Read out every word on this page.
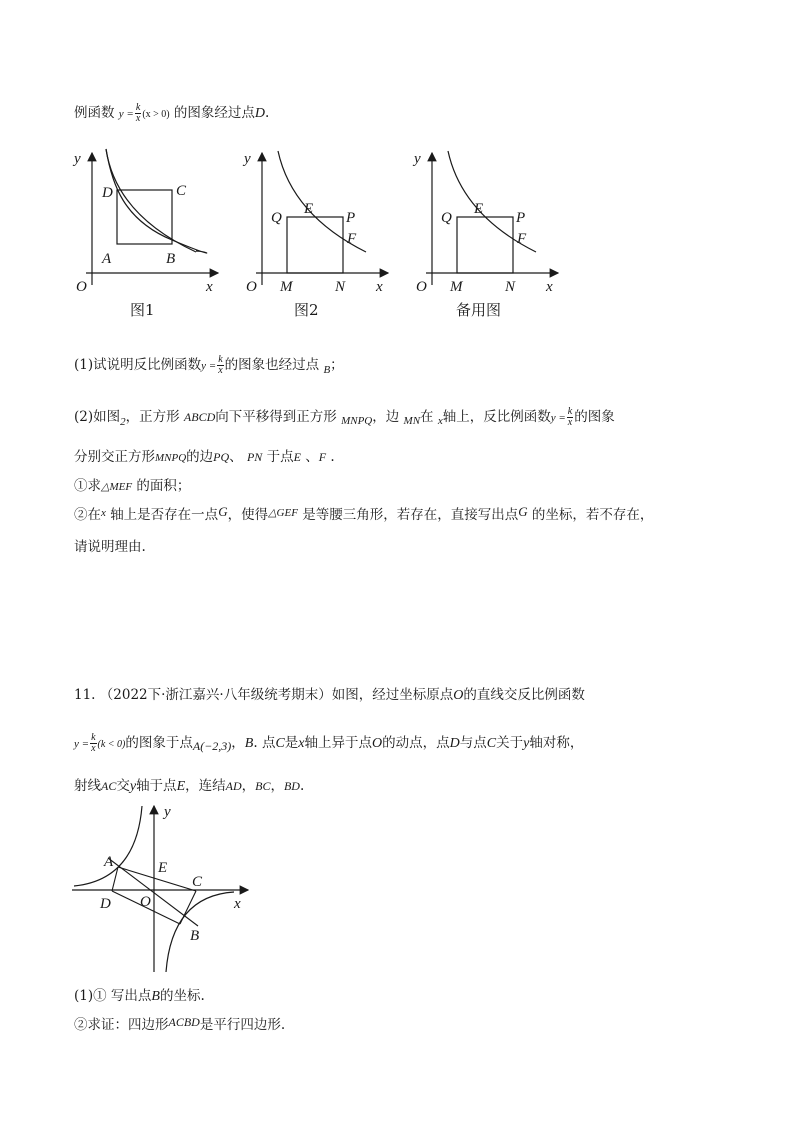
例函数 $y = \frac{k}{x} (x > 0)$ 的图象经过点D.
y
x
O
A	B
C
D
图1
y
x
O M	N
P
Q
E
F
图2
y
x
O M	N
P
Q
E
F
备用图
(1)试说明反比例函数$y = \frac{k}{x}$ 的图象也经过点 $_B$；
(2)如图$_2$，正方形 ABCD向下平移得到正方形 $_{MNPQ}$，边 $_{MN}$在 $_x$轴上，反比例函数$y = \frac{k}{x}$ 的图象
分别交正方形MNPQ的边PQ、 PN 于点E 、F .
①求△MEF 的面积；
②在$^x$ 轴上是否存在一点G，使得$^{\triangle GEF}$ 是等腰三角形，若存在，直接写出点G 的坐标，若不存在，
请说明理由.
11. （2022下·浙江嘉兴·八年级统考期末）如图，经过坐标原点O的直线交反比例函数
$y = \frac{k}{x} (k < 0)$的图象于点A(−2,3)，B. 点C是x轴上异于点O的动点，点D与点C关于y轴对称，
射线AC交y轴于点E，连结AD，BC，BD.
y
x
O
A
B
C
D
E
(1)① 写出点B的坐标.
②求证：四边形ACBD是平行四边形.
